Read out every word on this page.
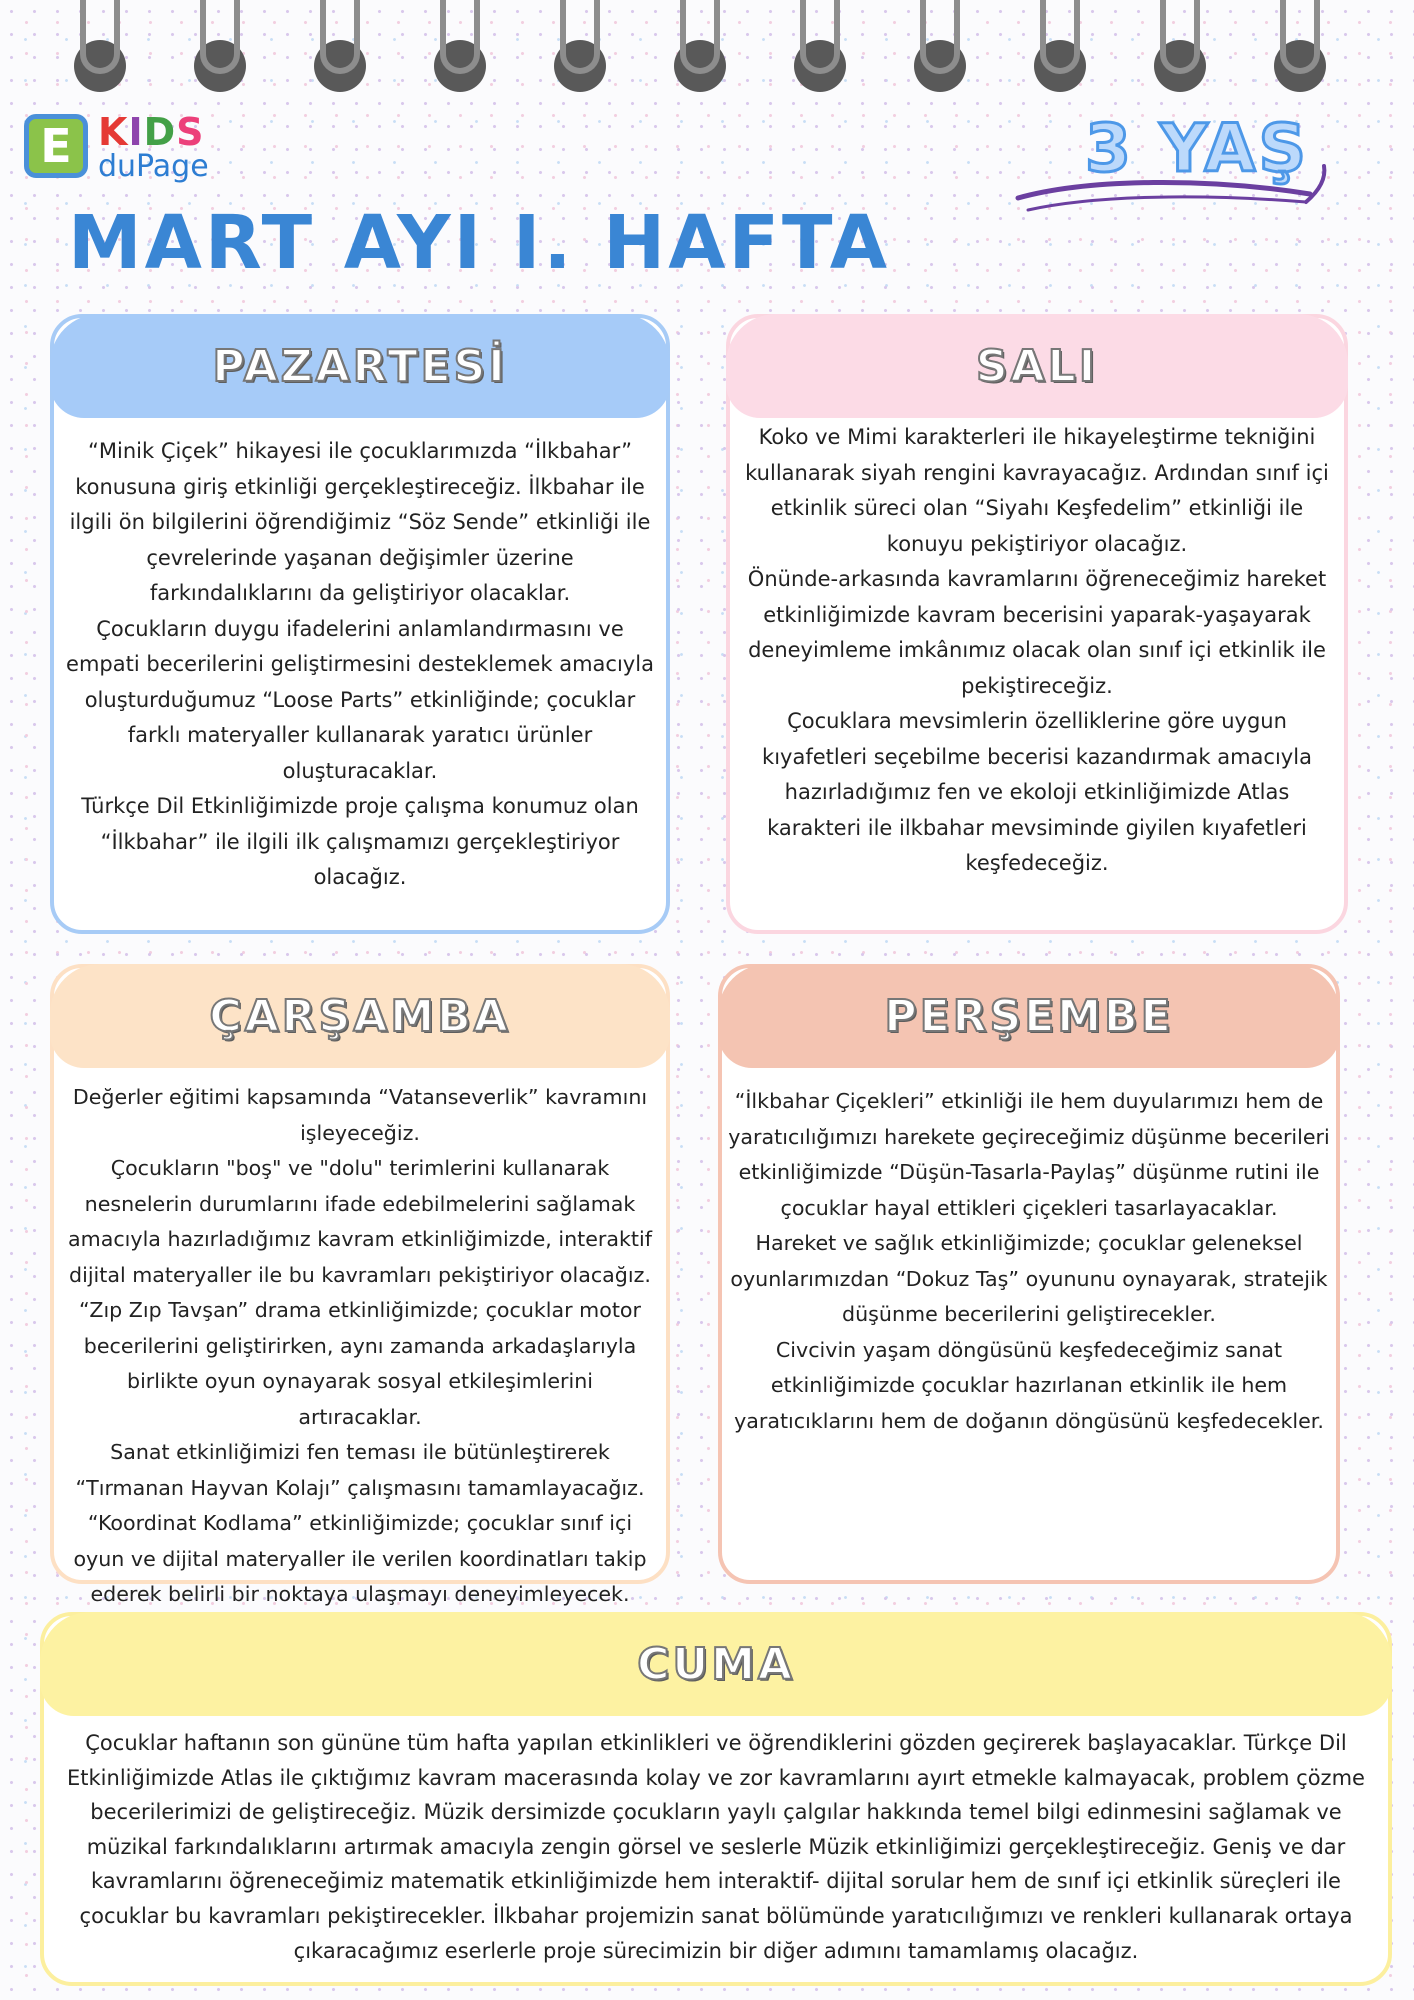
E KIDS
duPage	3 YAŞ
MART AYI I. HAFTA
PAZARTESİ

“Minik Çiçek” hikayesi ile çocuklarımızda “İlkbahar” konusuna giriş etkinliği gerçekleştireceğiz. İlkbahar ile ilgili ön bilgilerini öğrendiğimiz “Söz Sende” etkinliği ile çevrelerinde yaşanan değişimler üzerine farkındalıklarını da geliştiriyor olacaklar.

Çocukların duygu ifadelerini anlamlandırmasını ve empati becerilerini geliştirmesini desteklemek amacıyla oluşturduğumuz “Loose Parts” etkinliğinde; çocuklar farklı materyaller kullanarak yaratıcı ürünler oluşturacaklar.

Türkçe Dil Etkinliğimizde proje çalışma konumuz olan “İlkbahar” ile ilgili ilk çalışmamızı gerçekleştiriyor olacağız.

SALI

Koko ve Mimi karakterleri ile hikayeleştirme tekniğini kullanarak siyah rengini kavrayacağız. Ardından sınıf içi etkinlik süreci olan “Siyahı Keşfedelim” etkinliği ile konuyu pekiştiriyor olacağız.

Önünde-arkasında kavramlarını öğreneceğimiz hareket etkinliğimizde kavram becerisini yaparak-yaşayarak deneyimleme imkânımız olacak olan sınıf içi etkinlik ile pekiştireceğiz.

Çocuklara mevsimlerin özelliklerine göre uygun kıyafetleri seçebilme becerisi kazandırmak amacıyla hazırladığımız fen ve ekoloji etkinliğimizde Atlas karakteri ile ilkbahar mevsiminde giyilen kıyafetleri keşfedeceğiz.

ÇARŞAMBA

Değerler eğitimi kapsamında “Vatanseverlik” kavramını işleyeceğiz.

Çocukların "boş" ve "dolu" terimlerini kullanarak nesnelerin durumlarını ifade edebilmelerini sağlamak amacıyla hazırladığımız kavram etkinliğimizde, interaktif dijital materyaller ile bu kavramları pekiştiriyor olacağız.

“Zıp Zıp Tavşan” drama etkinliğimizde; çocuklar motor becerilerini geliştirirken, aynı zamanda arkadaşlarıyla birlikte oyun oynayarak sosyal etkileşimlerini artıracaklar.

Sanat etkinliğimizi fen teması ile bütünleştirerek “Tırmanan Hayvan Kolajı” çalışmasını tamamlayacağız.

“Koordinat Kodlama” etkinliğimizde; çocuklar sınıf içi oyun ve dijital materyaller ile verilen koordinatları takip ederek belirli bir noktaya ulaşmayı deneyimleyecek.

PERŞEMBE

“İlkbahar Çiçekleri” etkinliği ile hem duyularımızı hem de yaratıcılığımızı harekete geçireceğimiz düşünme becerileri etkinliğimizde “Düşün-Tasarla-Paylaş” düşünme rutini ile çocuklar hayal ettikleri çiçekleri tasarlayacaklar.

Hareket ve sağlık etkinliğimizde; çocuklar geleneksel oyunlarımızdan “Dokuz Taş” oyununu oynayarak, stratejik düşünme becerilerini geliştirecekler.

Civcivin yaşam döngüsünü keşfedeceğimiz sanat etkinliğimizde çocuklar hazırlanan etkinlik ile hem yaratıcıklarını hem de doğanın döngüsünü keşfedecekler.

CUMA

Çocuklar haftanın son gününe tüm hafta yapılan etkinlikleri ve öğrendiklerini gözden geçirerek başlayacaklar. Türkçe Dil Etkinliğimizde Atlas ile çıktığımız kavram macerasında kolay ve zor kavramlarını ayırt etmekle kalmayacak, problem çözme becerilerimizi de geliştireceğiz. Müzik dersimizde çocukların yaylı çalgılar hakkında temel bilgi edinmesini sağlamak ve müzikal farkındalıklarını artırmak amacıyla zengin görsel ve seslerle Müzik etkinliğimizi gerçekleştireceğiz. Geniş ve dar kavramlarını öğreneceğimiz matematik etkinliğimizde hem interaktif- dijital sorular hem de sınıf içi etkinlik süreçleri ile çocuklar bu kavramları pekiştirecekler. İlkbahar projemizin sanat bölümünde yaratıcılığımızı ve renkleri kullanarak ortaya çıkaracağımız eserlerle proje sürecimizin bir diğer adımını tamamlamış olacağız.
